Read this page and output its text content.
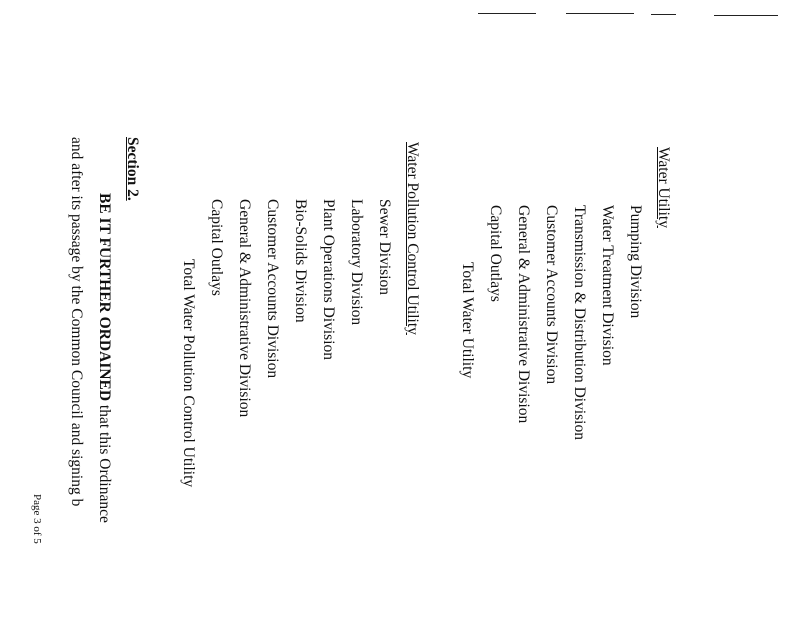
Water Utility
Pumping Division
Water Treatment Division
Transmission & Distribution Division
Customer Accounts Division
General & Administrative Division
Capital Outlays
Total Water Utility
Water Pollution Control Utility
Sewer Division
Laboratory Division
Plant Operations Division
Bio-Solids Division
Customer Accounts Division
General & Administrative Division
Capital Outlays
Total Water Pollution Control Utility
Section 2.
BE IT FURTHER ORDAINED that this Ordinance
and after its passage by the Common Council and signing b
Page 3 of 5
